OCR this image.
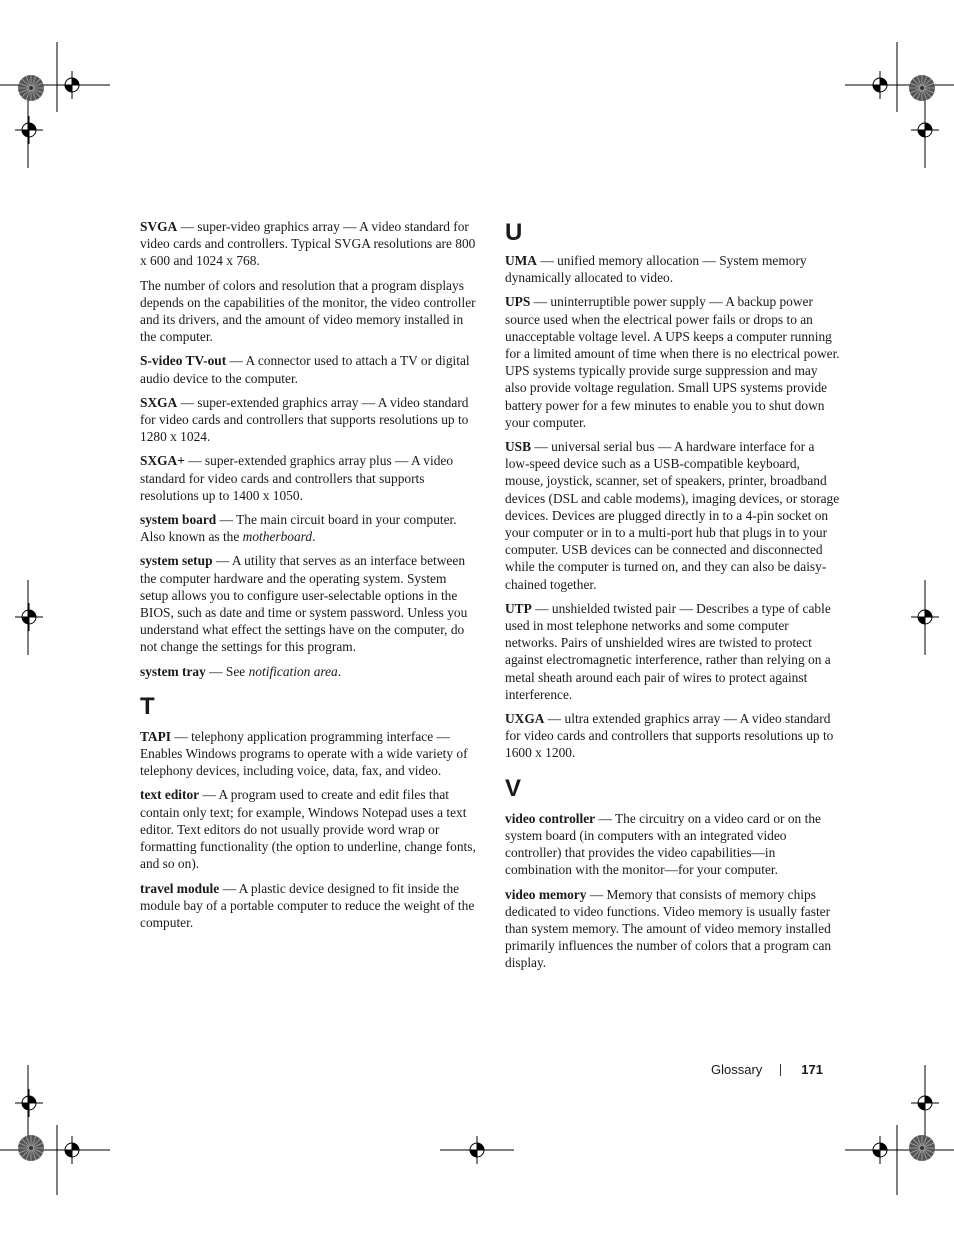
SVGA — super-video graphics array — A video standard for video cards and controllers. Typical SVGA resolutions are 800 x 600 and 1024 x 768.

The number of colors and resolution that a program displays depends on the capabilities of the monitor, the video controller and its drivers, and the amount of video memory installed in the computer.

S-video TV-out — A connector used to attach a TV or digital audio device to the computer.

SXGA — super-extended graphics array — A video standard for video cards and controllers that supports resolutions up to 1280 x 1024.

SXGA+ — super-extended graphics array plus — A video standard for video cards and controllers that supports resolutions up to 1400 x 1050.

system board — The main circuit board in your computer. Also known as the motherboard.

system setup — A utility that serves as an interface between the computer hardware and the operating system. System setup allows you to configure user-selectable options in the BIOS, such as date and time or system password. Unless you understand what effect the settings have on the computer, do not change the settings for this program.

system tray — See notification area.

T

TAPI — telephony application programming interface — Enables Windows programs to operate with a wide variety of telephony devices, including voice, data, fax, and video.

text editor — A program used to create and edit files that contain only text; for example, Windows Notepad uses a text editor. Text editors do not usually provide word wrap or formatting functionality (the option to underline, change fonts, and so on).

travel module — A plastic device designed to fit inside the module bay of a portable computer to reduce the weight of the computer.

U

UMA — unified memory allocation — System memory dynamically allocated to video.

UPS — uninterruptible power supply — A backup power source used when the electrical power fails or drops to an unacceptable voltage level. A UPS keeps a computer running for a limited amount of time when there is no electrical power. UPS systems typically provide surge suppression and may also provide voltage regulation. Small UPS systems provide battery power for a few minutes to enable you to shut down your computer.

USB — universal serial bus — A hardware interface for a low-speed device such as a USB-compatible keyboard, mouse, joystick, scanner, set of speakers, printer, broadband devices (DSL and cable modems), imaging devices, or storage devices. Devices are plugged directly in to a 4-pin socket on your computer or in to a multi-port hub that plugs in to your computer. USB devices can be connected and disconnected while the computer is turned on, and they can also be daisy-chained together.

UTP — unshielded twisted pair — Describes a type of cable used in most telephone networks and some computer networks. Pairs of unshielded wires are twisted to protect against electromagnetic interference, rather than relying on a metal sheath around each pair of wires to protect against interference.

UXGA — ultra extended graphics array — A video standard for video cards and controllers that supports resolutions up to 1600 x 1200.

V

video controller — The circuitry on a video card or on the system board (in computers with an integrated video controller) that provides the video capabilities—in combination with the monitor—for your computer.

video memory — Memory that consists of memory chips dedicated to video functions. Video memory is usually faster than system memory. The amount of video memory installed primarily influences the number of colors that a program can display.

Glossary	171
